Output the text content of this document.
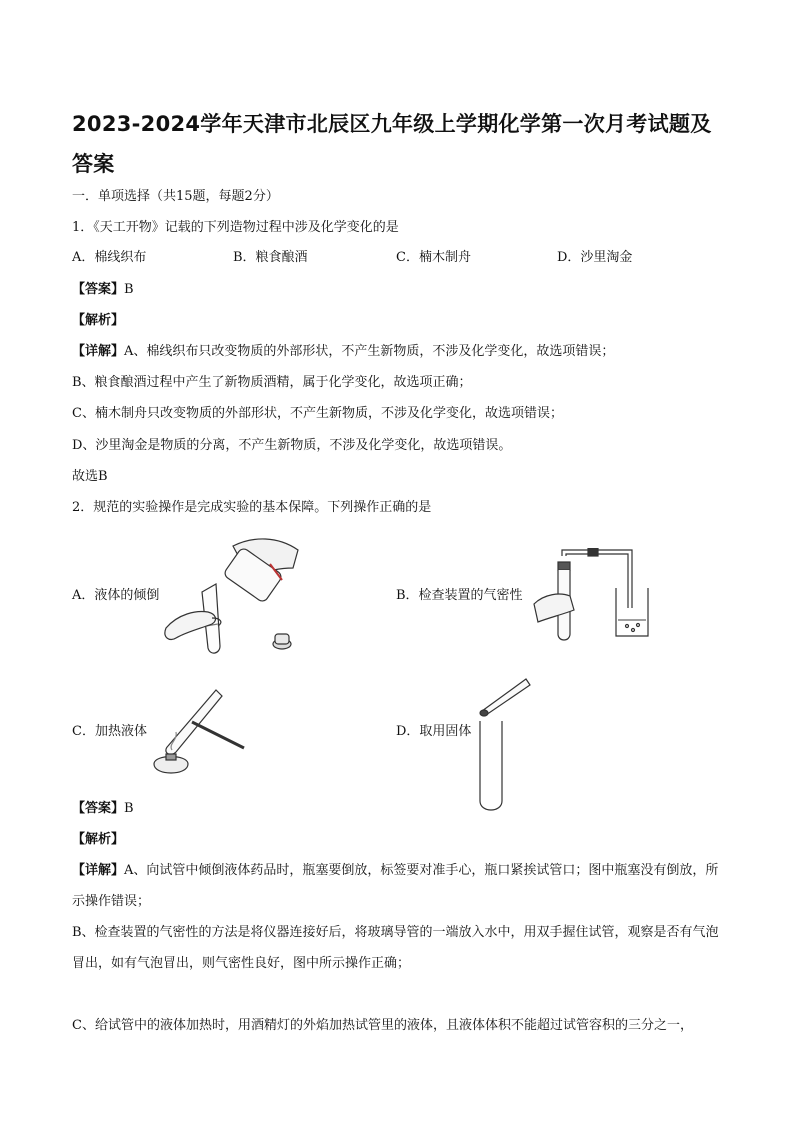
2023-2024学年天津市北辰区九年级上学期化学第一次月考试题及答案
一．单项选择（共15题，每题2分）
1．《天工开物》记载的下列造物过程中涉及化学变化的是
A．棉线织布	B．粮食酿酒	C．楠木制舟	D．沙里淘金
【答案】B
【解析】
【详解】A、棉线织布只改变物质的外部形状，不产生新物质，不涉及化学变化，故选项错误；
B、粮食酿酒过程中产生了新物质酒精，属于化学变化，故选项正确；
C、楠木制舟只改变物质的外部形状，不产生新物质，不涉及化学变化，故选项错误；
D、沙里淘金是物质的分离，不产生新物质，不涉及化学变化，故选项错误。
故选B
2．规范的实验操作是完成实验的基本保障。下列操作正确的是
A．液体的倾倒	B．检查装置的气密性
C．加热液体	D．取用固体
【答案】B
【解析】
【详解】A、向试管中倾倒液体药品时，瓶塞要倒放，标签要对准手心，瓶口紧挨试管口；图中瓶塞没有倒放，所示操作错误；
B、检查装置的气密性的方法是将仪器连接好后，将玻璃导管的一端放入水中，用双手握住试管，观察是否有气泡冒出，如有气泡冒出，则气密性良好，图中所示操作正确；
C、给试管中的液体加热时，用酒精灯的外焰加热试管里的液体，且液体体积不能超过试管容积的三分之一，
